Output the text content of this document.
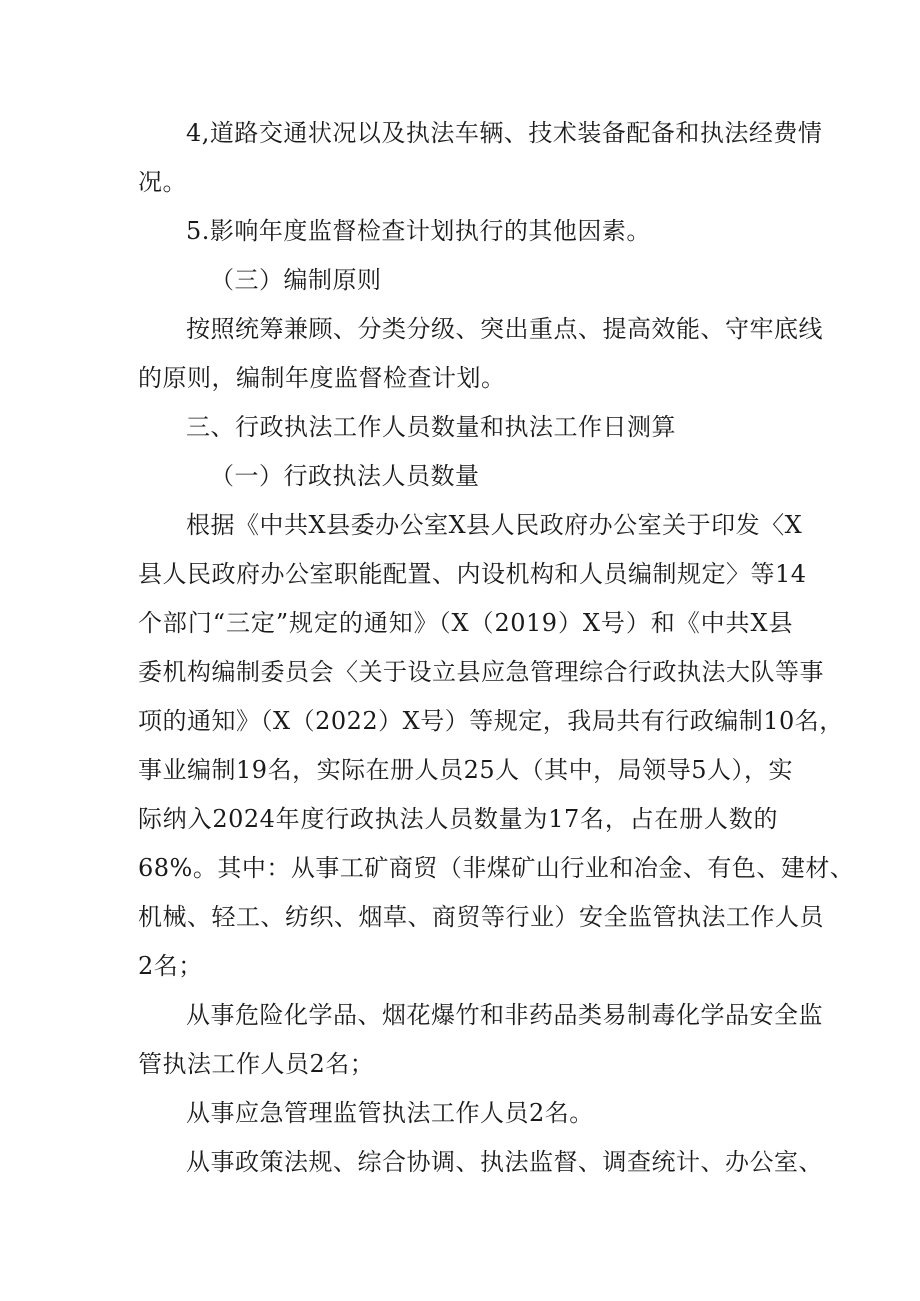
4,道路交通状况以及执法车辆、技术装备配备和执法经费情
况。
5.影响年度监督检查计划执行的其他因素。
（三）编制原则
按照统筹兼顾、分类分级、突出重点、提高效能、守牢底线
的原则，编制年度监督检查计划。
三、行政执法工作人员数量和执法工作日测算
（一）行政执法人员数量
根据《中共X县委办公室X县人民政府办公室关于印发〈X
县人民政府办公室职能配置、内设机构和人员编制规定〉等14
个部门“三定”规定的通知》（X（2019）X号）和《中共X县
委机构编制委员会〈关于设立县应急管理综合行政执法大队等事
项的通知》（X（2022）X号）等规定，我局共有行政编制10名，
事业编制19名，实际在册人员25人（其中，局领导5人），实
际纳入2024年度行政执法人员数量为17名，占在册人数的
68%。其中：从事工矿商贸（非煤矿山行业和冶金、有色、建材、
机械、轻工、纺织、烟草、商贸等行业）安全监管执法工作人员
2名；
从事危险化学品、烟花爆竹和非药品类易制毒化学品安全监
管执法工作人员2名；
从事应急管理监管执法工作人员2名。
从事政策法规、综合协调、执法监督、调查统计、办公室、
